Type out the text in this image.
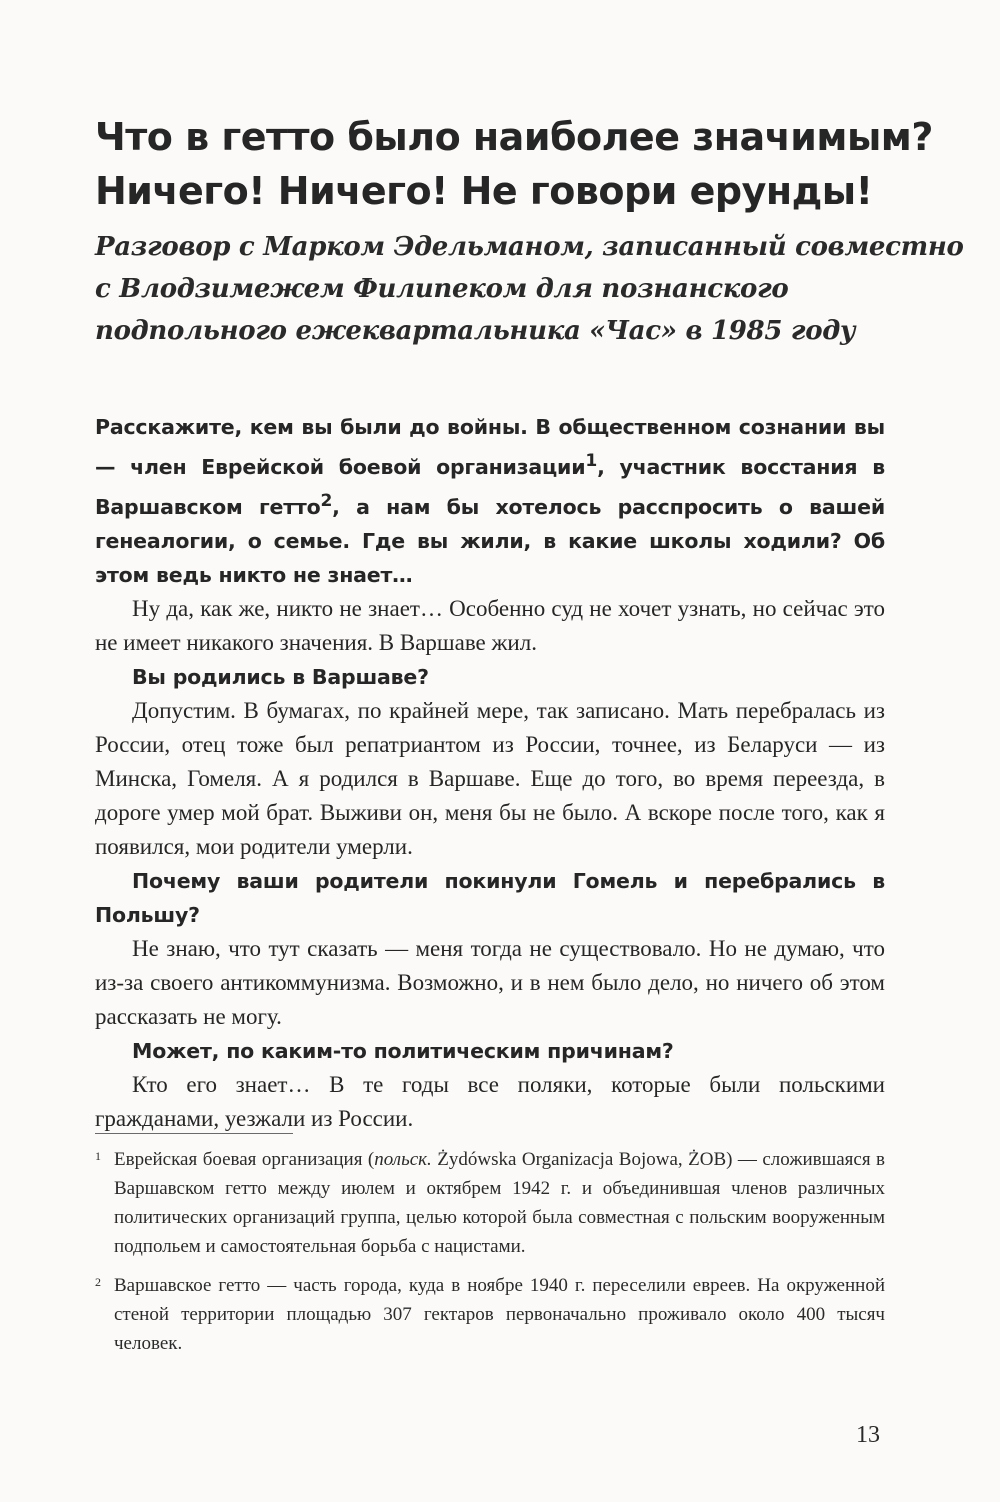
Что в гетто было наиболее значимым?
Ничего! Ничего! Не говори ерунды!
Разговор с Марком Эдельманом, записанный совместно
с Влодзимежем Филипеком для познанского
подпольного ежеквартальника «Час» в 1985 году

Расскажите, кем вы были до войны. В общественном сознании вы — член Еврейской боевой организации$^1$, участник восстания в Варшавском гетто$^2$, а нам бы хотелось расспросить о вашей генеалогии, о семье. Где вы жили, в какие школы ходили? Об этом ведь никто не знает…

Ну да, как же, никто не знает… Особенно суд не хочет узнать, но сейчас это не имеет никакого значения. В Варшаве жил.

Вы родились в Варшаве?

Допустим. В бумагах, по крайней мере, так записано. Мать перебралась из России, отец тоже был репатриантом из России, точнее, из Беларуси — из Минска, Гомеля. А я родился в Варшаве. Еще до того, во время переезда, в дороге умер мой брат. Выживи он, меня бы не было. А вскоре после того, как я появился, мои родители умерли.

Почему ваши родители покинули Гомель и перебрались в Польшу?

Не знаю, что тут сказать — меня тогда не существовало. Но не думаю, что из-за своего антикоммунизма. Возможно, и в нем было дело, но ничего об этом рассказать не могу.

Может, по каким-то политическим причинам?

Кто его знает… В те годы все поляки, которые были польскими гражданами, уезжали из России.

1 Еврейская боевая организация (польск. Żydówska Organizacja Bojowa, ŻOB) — сложившаяся в Варшавском гетто между июлем и октябрем 1942 г. и объединившая членов различных политических организаций группа, целью которой была совместная с польским вооруженным подпольем и самостоятельная борьба с нацистами.
2 Варшавское гетто — часть города, куда в ноябре 1940 г. переселили евреев. На окруженной стеной территории площадью 307 гектаров первоначально проживало около 400 тысяч человек.
13
